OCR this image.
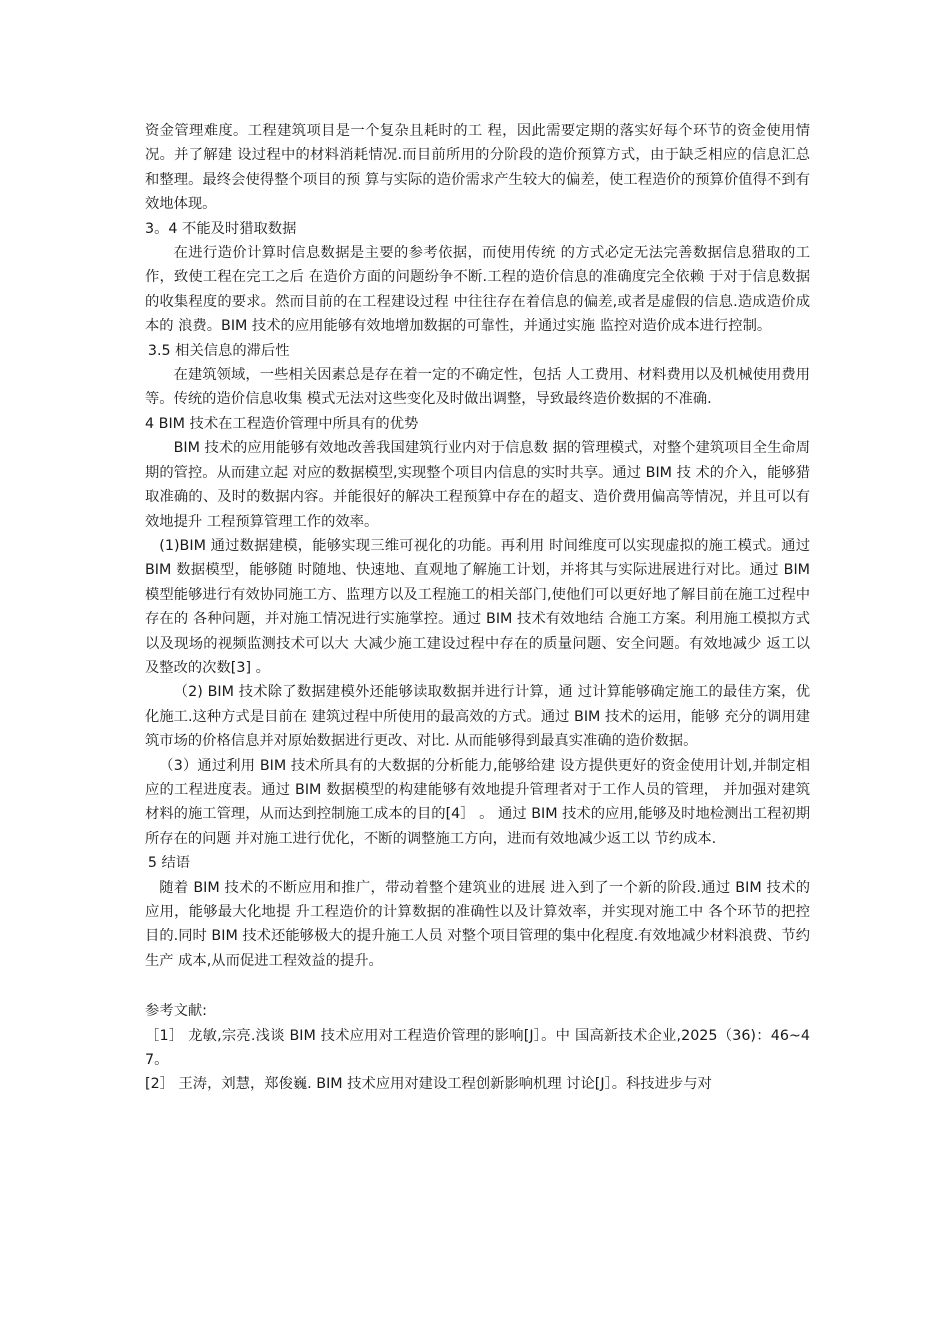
资金管理难度。工程建筑项目是一个复杂且耗时的工 程，因此需要定期的落实好每个环节的资金使用情况。并了解建 设过程中的材料消耗情况.而目前所用的分阶段的造价预算方式，由于缺乏相应的信息汇总和整理。最终会使得整个项目的预 算与实际的造价需求产生较大的偏差，使工程造价的预算价值得不到有效地体现。

3。4 不能及时猎取数据

在进行造价计算时信息数据是主要的参考依据，而使用传统 的方式必定无法完善数据信息猎取的工作，致使工程在完工之后 在造价方面的问题纷争不断.工程的造价信息的准确度完全依赖 于对于信息数据的收集程度的要求。然而目前的在工程建设过程 中往往存在着信息的偏差,或者是虚假的信息.造成造价成本的 浪费。BIM 技术的应用能够有效地增加数据的可靠性，并通过实施 监控对造价成本进行控制。

3.5 相关信息的滞后性

在建筑领域，一些相关因素总是存在着一定的不确定性，包括 人工费用、材料费用以及机械使用费用等。传统的造价信息收集 模式无法对这些变化及时做出调整，导致最终造价数据的不准确.

4 BIM 技术在工程造价管理中所具有的优势

BIM 技术的应用能够有效地改善我国建筑行业内对于信息数 据的管理模式，对整个建筑项目全生命周期的管控。从而建立起 对应的数据模型,实现整个项目内信息的实时共享。通过 BIM 技 术的介入，能够猎取准确的、及时的数据内容。并能很好的解决工程预算中存在的超支、造价费用偏高等情况，并且可以有效地提升 工程预算管理工作的效率。

(1)BIM 通过数据建模，能够实现三维可视化的功能。再利用 时间维度可以实现虚拟的施工模式。通过 BIM 数据模型，能够随 时随地、快速地、直观地了解施工计划，并将其与实际进展进行对比。通过 BIM 模型能够进行有效协同施工方、监理方以及工程施工的相关部门,使他们可以更好地了解目前在施工过程中存在的 各种问题，并对施工情况进行实施掌控。通过 BIM 技术有效地结 合施工方案。利用施工模拟方式以及现场的视频监测技术可以大 大减少施工建设过程中存在的质量问题、安全问题。有效地减少 返工以及整改的次数[3] 。

（2) BIM 技术除了数据建模外还能够读取数据并进行计算，通 过计算能够确定施工的最佳方案，优化施工.这种方式是目前在 建筑过程中所使用的最高效的方式。通过 BIM 技术的运用，能够 充分的调用建筑市场的价格信息并对原始数据进行更改、对比. 从而能够得到最真实准确的造价数据。

（3）通过利用 BIM 技术所具有的大数据的分析能力,能够给建 设方提供更好的资金使用计划,并制定相应的工程进度表。通过 BIM 数据模型的构建能够有效地提升管理者对于工作人员的管理， 并加强对建筑材料的施工管理，从而达到控制施工成本的目的[4］ 。 通过 BIM 技术的应用,能够及时地检测出工程初期所存在的问题 并对施工进行优化，不断的调整施工方向，进而有效地减少返工以 节约成本.

5 结语

随着 BIM 技术的不断应用和推广，带动着整个建筑业的进展 进入到了一个新的阶段.通过 BIM 技术的应用，能够最大化地提 升工程造价的计算数据的准确性以及计算效率，并实现对施工中 各个环节的把控目的.同时 BIM 技术还能够极大的提升施工人员 对整个项目管理的集中化程度.有效地减少材料浪费、节约生产 成本,从而促进工程效益的提升。

参考文献:

［1］ 龙敏,宗亮.浅谈 BIM 技术应用对工程造价管理的影响[J］。中 国高新技术企业,2025（36)：46~47。

[2］ 王涛，刘慧，郑俊巍. BIM 技术应用对建设工程创新影响机理 讨论[J］。科技进步与对
